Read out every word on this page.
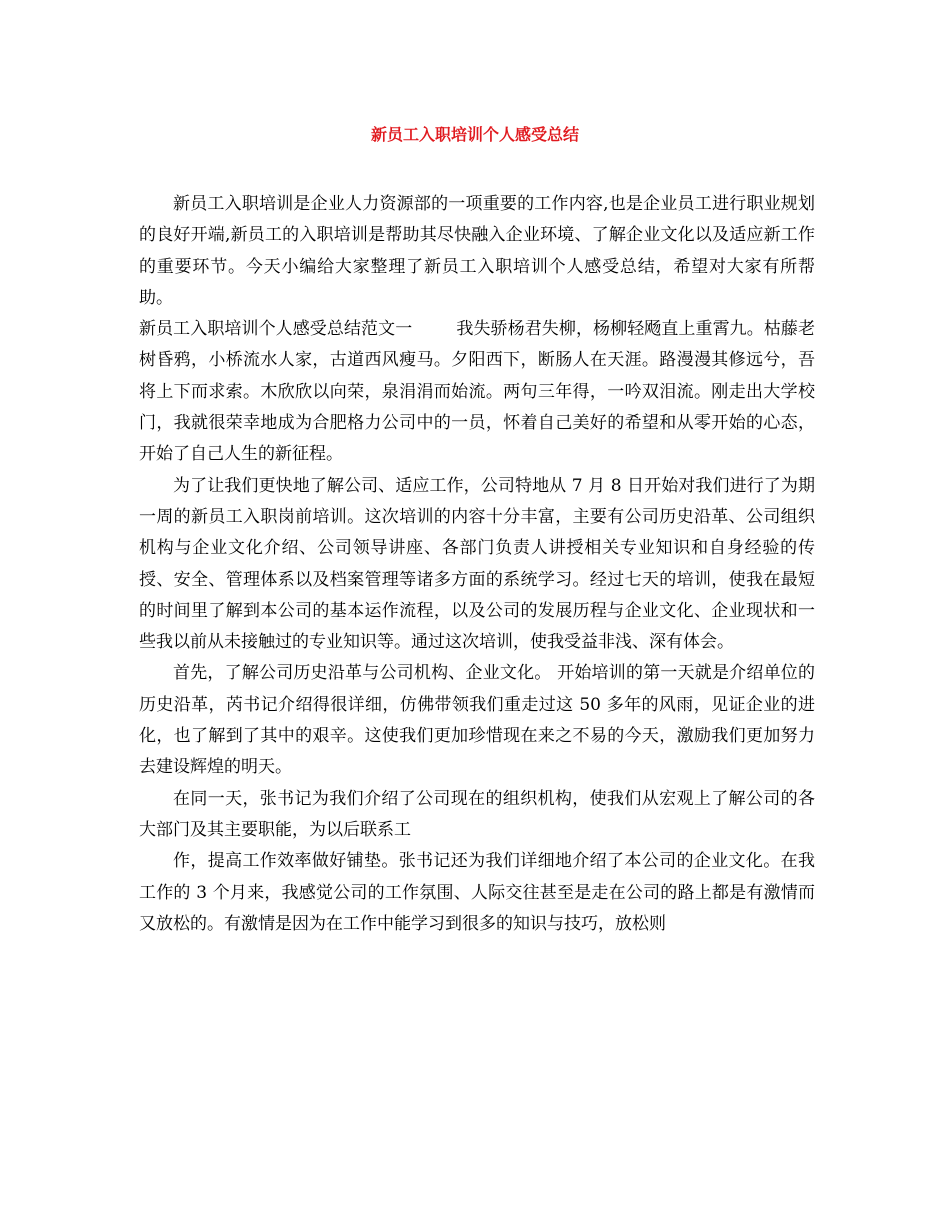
新员工入职培训个人感受总结

新员工入职培训是企业人力资源部的一项重要的工作内容,也是企业员工进行职业规划的良好开端,新员工的入职培训是帮助其尽快融入企业环境、了解企业文化以及适应新工作的重要环节。今天小编给大家整理了新员工入职培训个人感受总结，希望对大家有所帮助。

新员工入职培训个人感受总结范文一	我失骄杨君失柳，杨柳轻飏直上重霄九。枯藤老树昏鸦，小桥流水人家，古道西风瘦马。夕阳西下，断肠人在天涯。路漫漫其修远兮，吾将上下而求索。木欣欣以向荣，泉涓涓而始流。两句三年得，一吟双泪流。刚走出大学校门，我就很荣幸地成为合肥格力公司中的一员，怀着自己美好的希望和从零开始的心态，开始了自己人生的新征程。

为了让我们更快地了解公司、适应工作，公司特地从 7 月 8 日开始对我们进行了为期一周的新员工入职岗前培训。这次培训的内容十分丰富，主要有公司历史沿革、公司组织机构与企业文化介绍、公司领导讲座、各部门负责人讲授相关专业知识和自身经验的传授、安全、管理体系以及档案管理等诸多方面的系统学习。经过七天的培训，使我在最短的时间里了解到本公司的基本运作流程，以及公司的发展历程与企业文化、企业现状和一些我以前从未接触过的专业知识等。通过这次培训，使我受益非浅、深有体会。

首先，了解公司历史沿革与公司机构、企业文化。 开始培训的第一天就是介绍单位的历史沿革，芮书记介绍得很详细，仿佛带领我们重走过这 50 多年的风雨，见证企业的进化，也了解到了其中的艰辛。这使我们更加珍惜现在来之不易的今天，激励我们更加努力去建设辉煌的明天。

在同一天，张书记为我们介绍了公司现在的组织机构，使我们从宏观上了解公司的各大部门及其主要职能，为以后联系工

作，提高工作效率做好铺垫。张书记还为我们详细地介绍了本公司的企业文化。在我工作的 3 个月来，我感觉公司的工作氛围、人际交往甚至是走在公司的路上都是有激情而又放松的。有激情是因为在工作中能学习到很多的知识与技巧，放松则
